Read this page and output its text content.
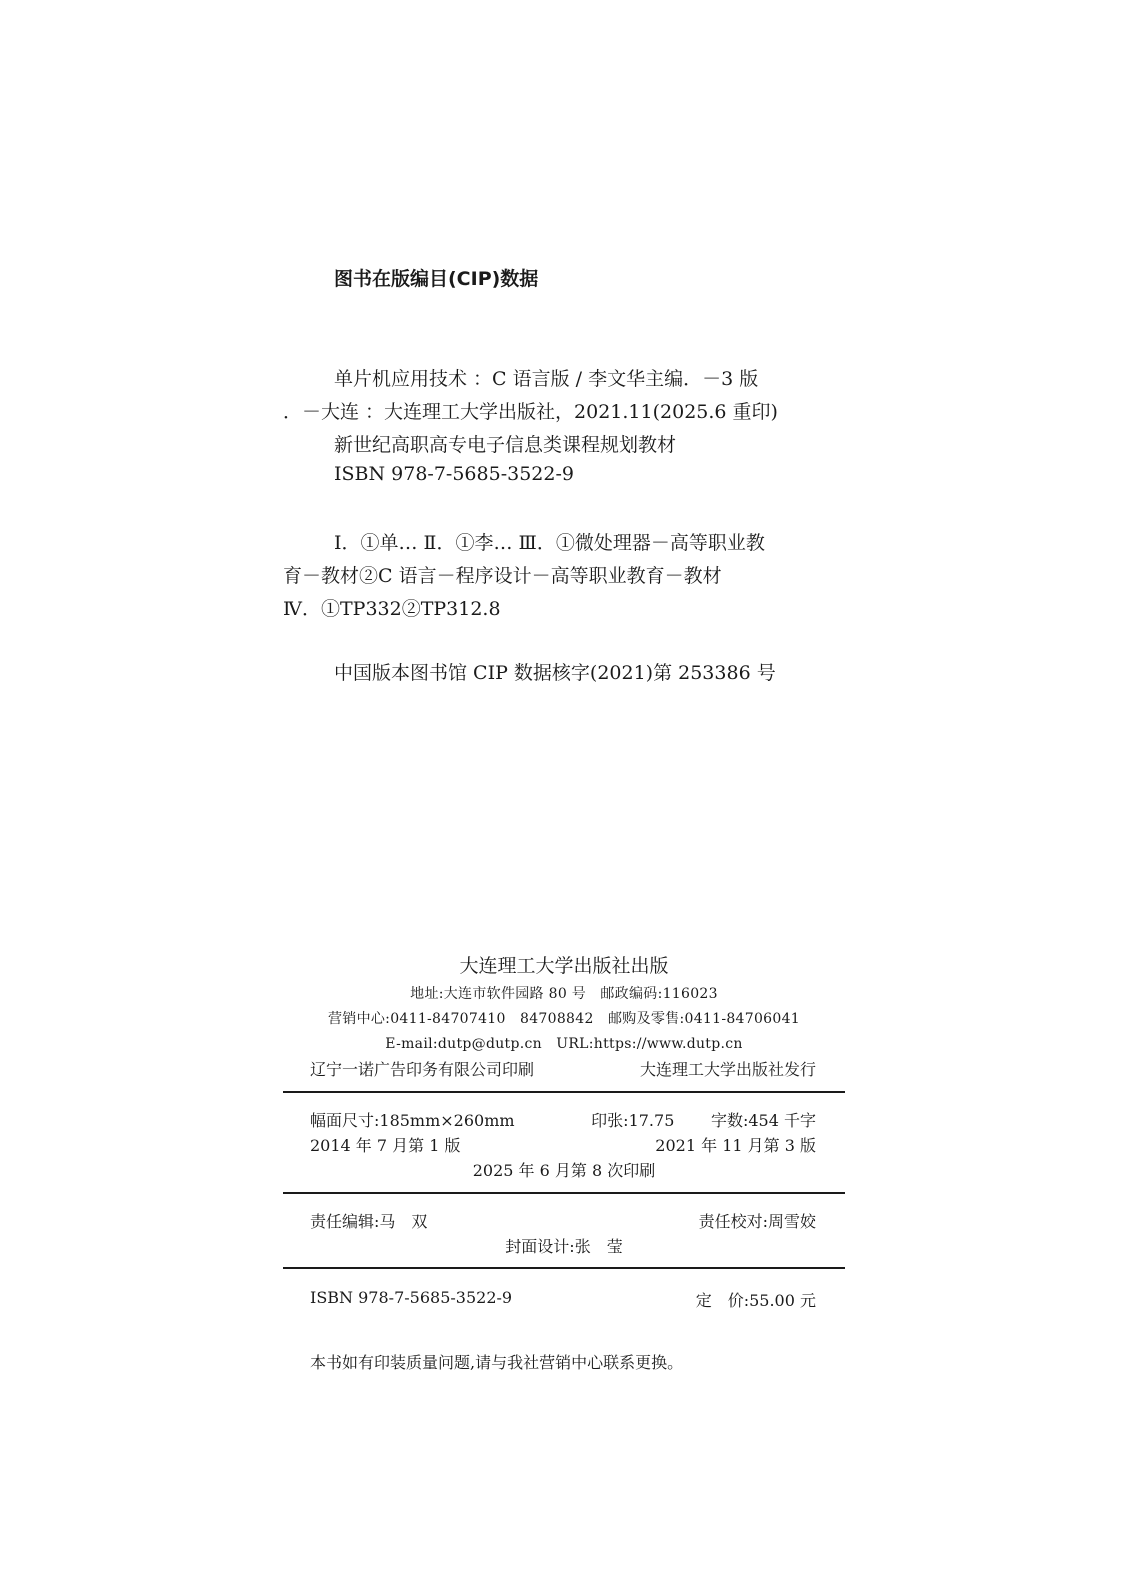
图书在版编目(CIP)数据
单片机应用技术 ：C 语言版 / 李文华主编．－3 版
．－大连 ：大连理工大学出版社，2021.11(2025.6 重印)
新世纪高职高专电子信息类课程规划教材
ISBN 978-7-5685-3522-9
Ⅰ．①单… Ⅱ．①李… Ⅲ．①微处理器－高等职业教
育－教材②C 语言－程序设计－高等职业教育－教材
Ⅳ．①TP332②TP312.8
中国版本图书馆 CIP 数据核字(2021)第 253386 号
大连理工大学出版社出版
地址:大连市软件园路 80 号　邮政编码:116023
营销中心:0411-84707410　84708842　邮购及零售:0411-84706041
E-mail:dutp@dutp.cn　URL:https://www.dutp.cn
辽宁一诺广告印务有限公司印刷	大连理工大学出版社发行
幅面尺寸:185mm×260mm	印张:17.75 字数:454 千字
2014 年 7 月第 1 版	2021 年 11 月第 3 版
2025 年 6 月第 8 次印刷
责任编辑:马　双	责任校对:周雪姣
封面设计:张　莹
ISBN 978-7-5685-3522-9	定　价:55.00 元
本书如有印装质量问题,请与我社营销中心联系更换。
